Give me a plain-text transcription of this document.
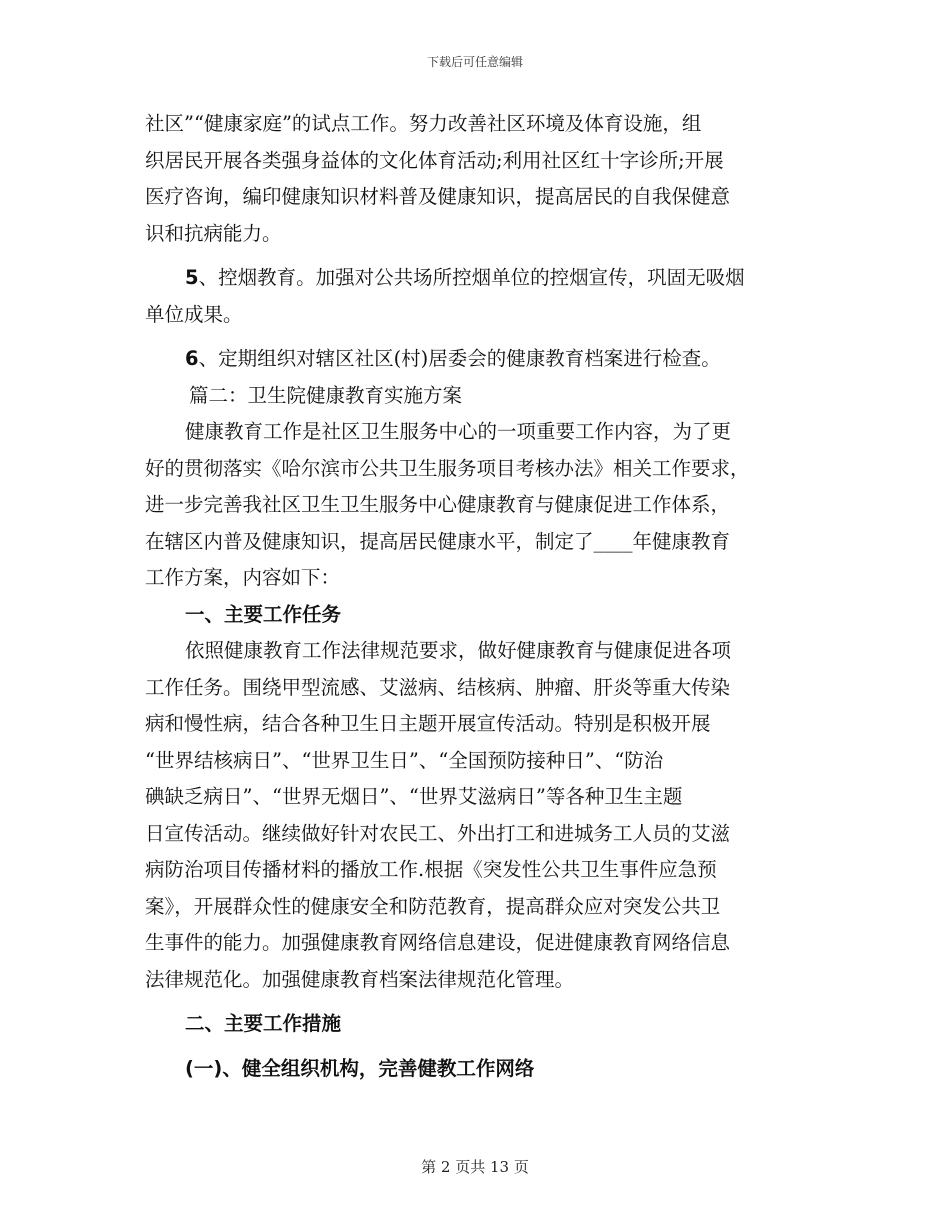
下载后可任意编辑
社区”“健康家庭”的试点工作。努力改善社区环境及体育设施，组
织居民开展各类强身益体的文化体育活动;利用社区红十字诊所;开展
医疗咨询，编印健康知识材料普及健康知识，提高居民的自我保健意
识和抗病能力。
5、控烟教育。加强对公共场所控烟单位的控烟宣传，巩固无吸烟
单位成果。
6、定期组织对辖区社区(村)居委会的健康教育档案进行检查。
篇二：卫生院健康教育实施方案
健康教育工作是社区卫生服务中心的一项重要工作内容，为了更
好的贯彻落实《哈尔滨市公共卫生服务项目考核办法》相关工作要求，
进一步完善我社区卫生卫生服务中心健康教育与健康促进工作体系，
在辖区内普及健康知识，提高居民健康水平，制定了____年健康教育
工作方案，内容如下：
一、主要工作任务
依照健康教育工作法律规范要求，做好健康教育与健康促进各项
工作任务。围绕甲型流感、艾滋病、结核病、肿瘤、肝炎等重大传染
病和慢性病，结合各种卫生日主题开展宣传活动。特别是积极开展
“世界结核病日”、“世界卫生日”、“全国预防接种日”、“防治
碘缺乏病日”、“世界无烟日”、“世界艾滋病日”等各种卫生主题
日宣传活动。继续做好针对农民工、外出打工和进城务工人员的艾滋
病防治项目传播材料的播放工作.根据《突发性公共卫生事件应急预
案》，开展群众性的健康安全和防范教育，提高群众应对突发公共卫
生事件的能力。加强健康教育网络信息建设，促进健康教育网络信息
法律规范化。加强健康教育档案法律规范化管理。
二、主要工作措施
(一)、健全组织机构，完善健教工作网络
第 2 页共 13 页
